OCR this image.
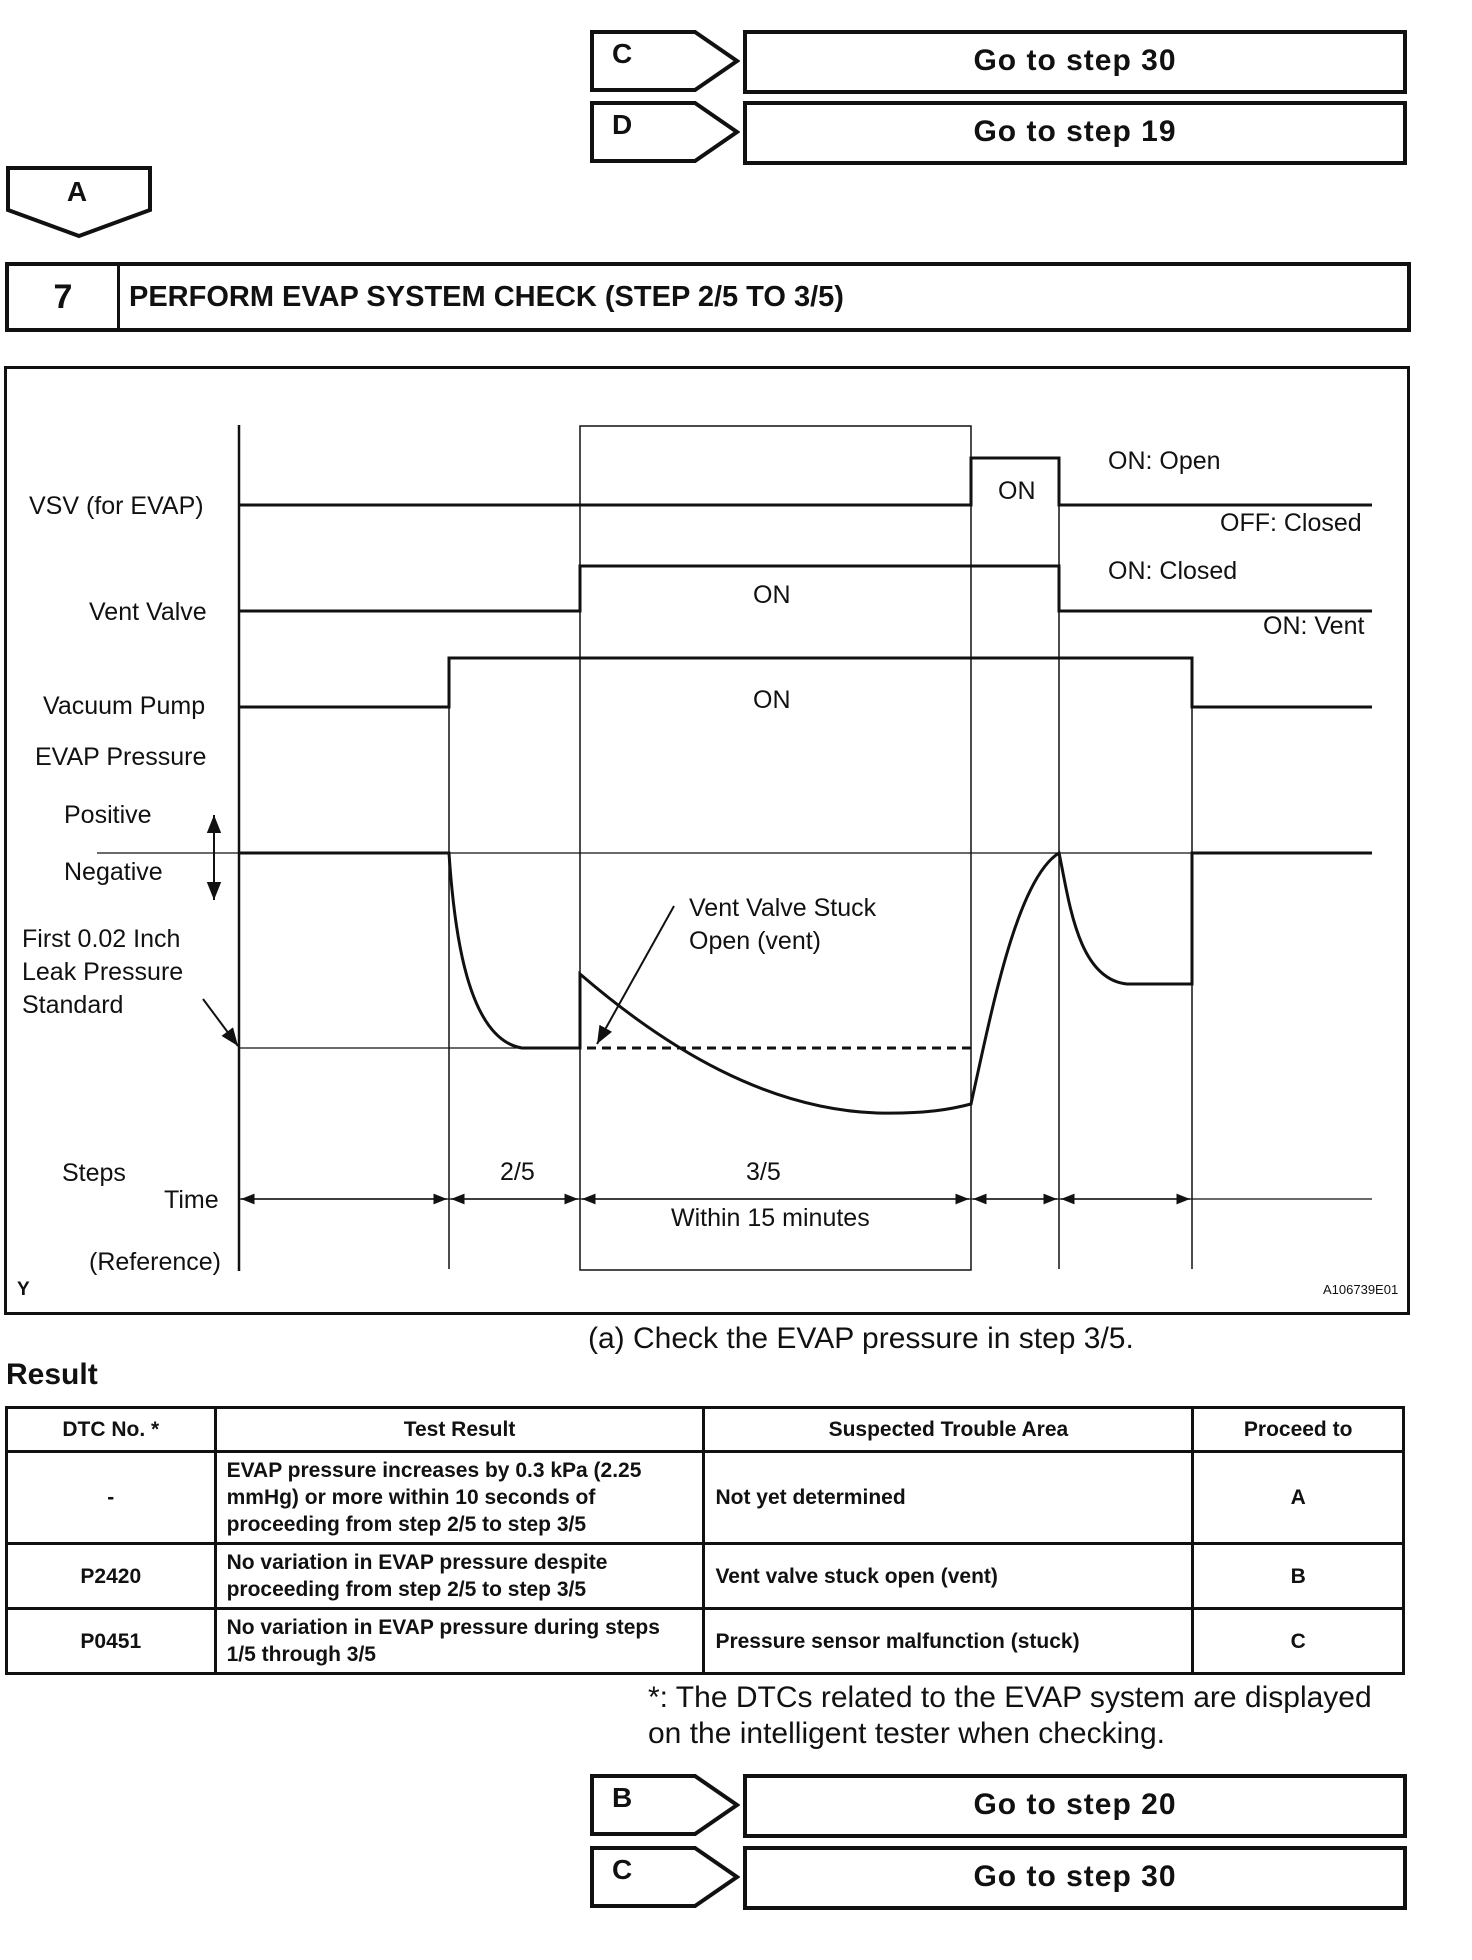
C	Go to step 30
D	Go to step 19
A
7	PERFORM EVAP SYSTEM CHECK (STEP 2/5 TO 3/5)
VSV (for EVAP)
Vent Valve
Vacuum Pump
EVAP Pressure
Positive
Negative
First 0.02 Inch
Leak Pressure
Standard
Steps
Time
(Reference)
ON
ON: Open
OFF: Closed
ON
ON: Closed
ON: Vent
ON
Vent Valve Stuck
Open (vent)
2/5	3/5
Within 15 minutes
Y	A106739E01
(a) Check the EVAP pressure in step 3/5.
Result
DTC No. *	Test Result	Suspected Trouble Area	Proceed to
-	EVAP pressure increases by 0.3 kPa (2.25 mmHg) or more within 10 seconds of proceeding from step 2/5 to step 3/5	Not yet determined	A
P2420	No variation in EVAP pressure despite proceeding from step 2/5 to step 3/5	Vent valve stuck open (vent)	B
P0451	No variation in EVAP pressure during steps 1/5 through 3/5	Pressure sensor malfunction (stuck)	C
*: The DTCs related to the EVAP system are displayed on the intelligent tester when checking.
B	Go to step 20
C	Go to step 30
